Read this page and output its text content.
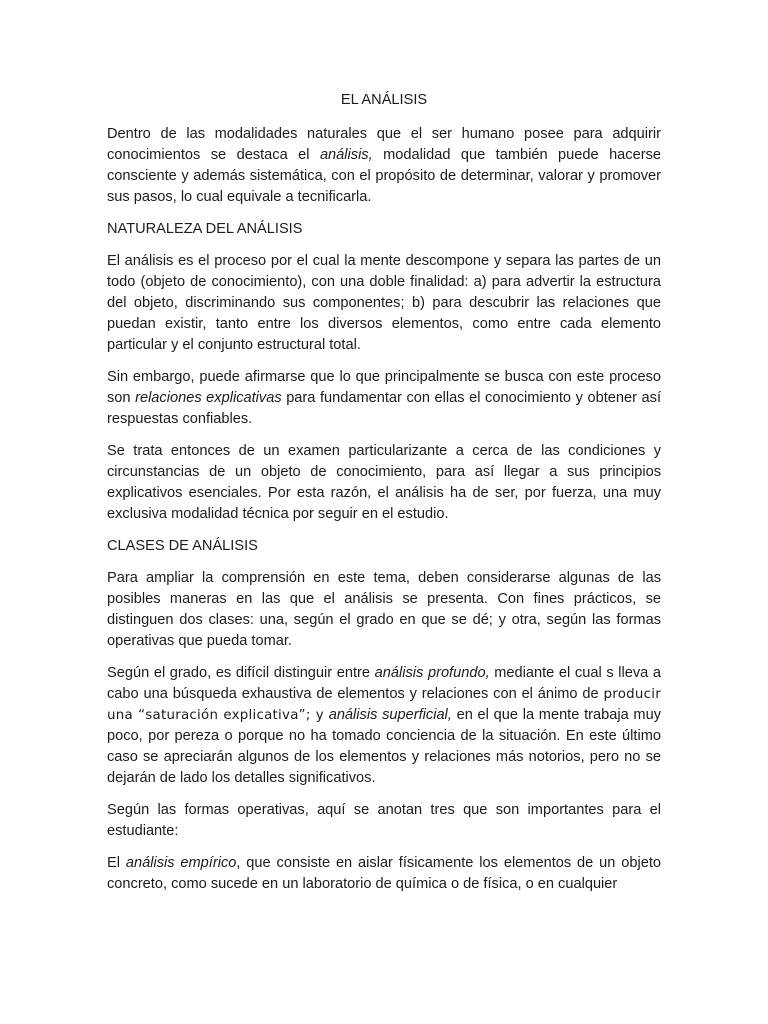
EL ANÁLISIS

Dentro de las modalidades naturales que el ser humano posee para adquirir conocimientos se destaca el análisis, modalidad que también puede hacerse consciente y además sistemática, con el propósito de determinar, valorar y promover sus pasos, lo cual equivale a tecnificarla.

NATURALEZA DEL ANÁLISIS

El análisis es el proceso por el cual la mente descompone y separa las partes de un todo (objeto de conocimiento), con una doble finalidad: a) para advertir la estructura del objeto, discriminando sus componentes; b) para descubrir las relaciones que puedan existir, tanto entre los diversos elementos, como entre cada elemento particular y el conjunto estructural total.

Sin embargo, puede afirmarse que lo que principalmente se busca con este proceso son relaciones explicativas para fundamentar con ellas el conocimiento y obtener así respuestas confiables.

Se trata entonces de un examen particularizante a cerca de las condiciones y circunstancias de un objeto de conocimiento, para así llegar a sus principios explicativos esenciales. Por esta razón, el análisis ha de ser, por fuerza, una muy exclusiva modalidad técnica por seguir en el estudio.

CLASES DE ANÁLISIS

Para ampliar la comprensión en este tema, deben considerarse algunas de las posibles maneras en las que el análisis se presenta. Con fines prácticos, se distinguen dos clases: una, según el grado en que se dé; y otra, según las formas operativas que pueda tomar.

Según el grado, es difícil distinguir entre análisis profundo, mediante el cual s lleva a cabo una búsqueda exhaustiva de elementos y relaciones con el ánimo de producir una “saturación explicativa”; y análisis superficial, en el que la mente trabaja muy poco, por pereza o porque no ha tomado conciencia de la situación. En este último caso se apreciarán algunos de los elementos y relaciones más notorios, pero no se dejarán de lado los detalles significativos.

Según las formas operativas, aquí se anotan tres que son importantes para el estudiante:

El análisis empírico, que consiste en aislar físicamente los elementos de un objeto concreto, como sucede en un laboratorio de química o de física, o en cualquier
